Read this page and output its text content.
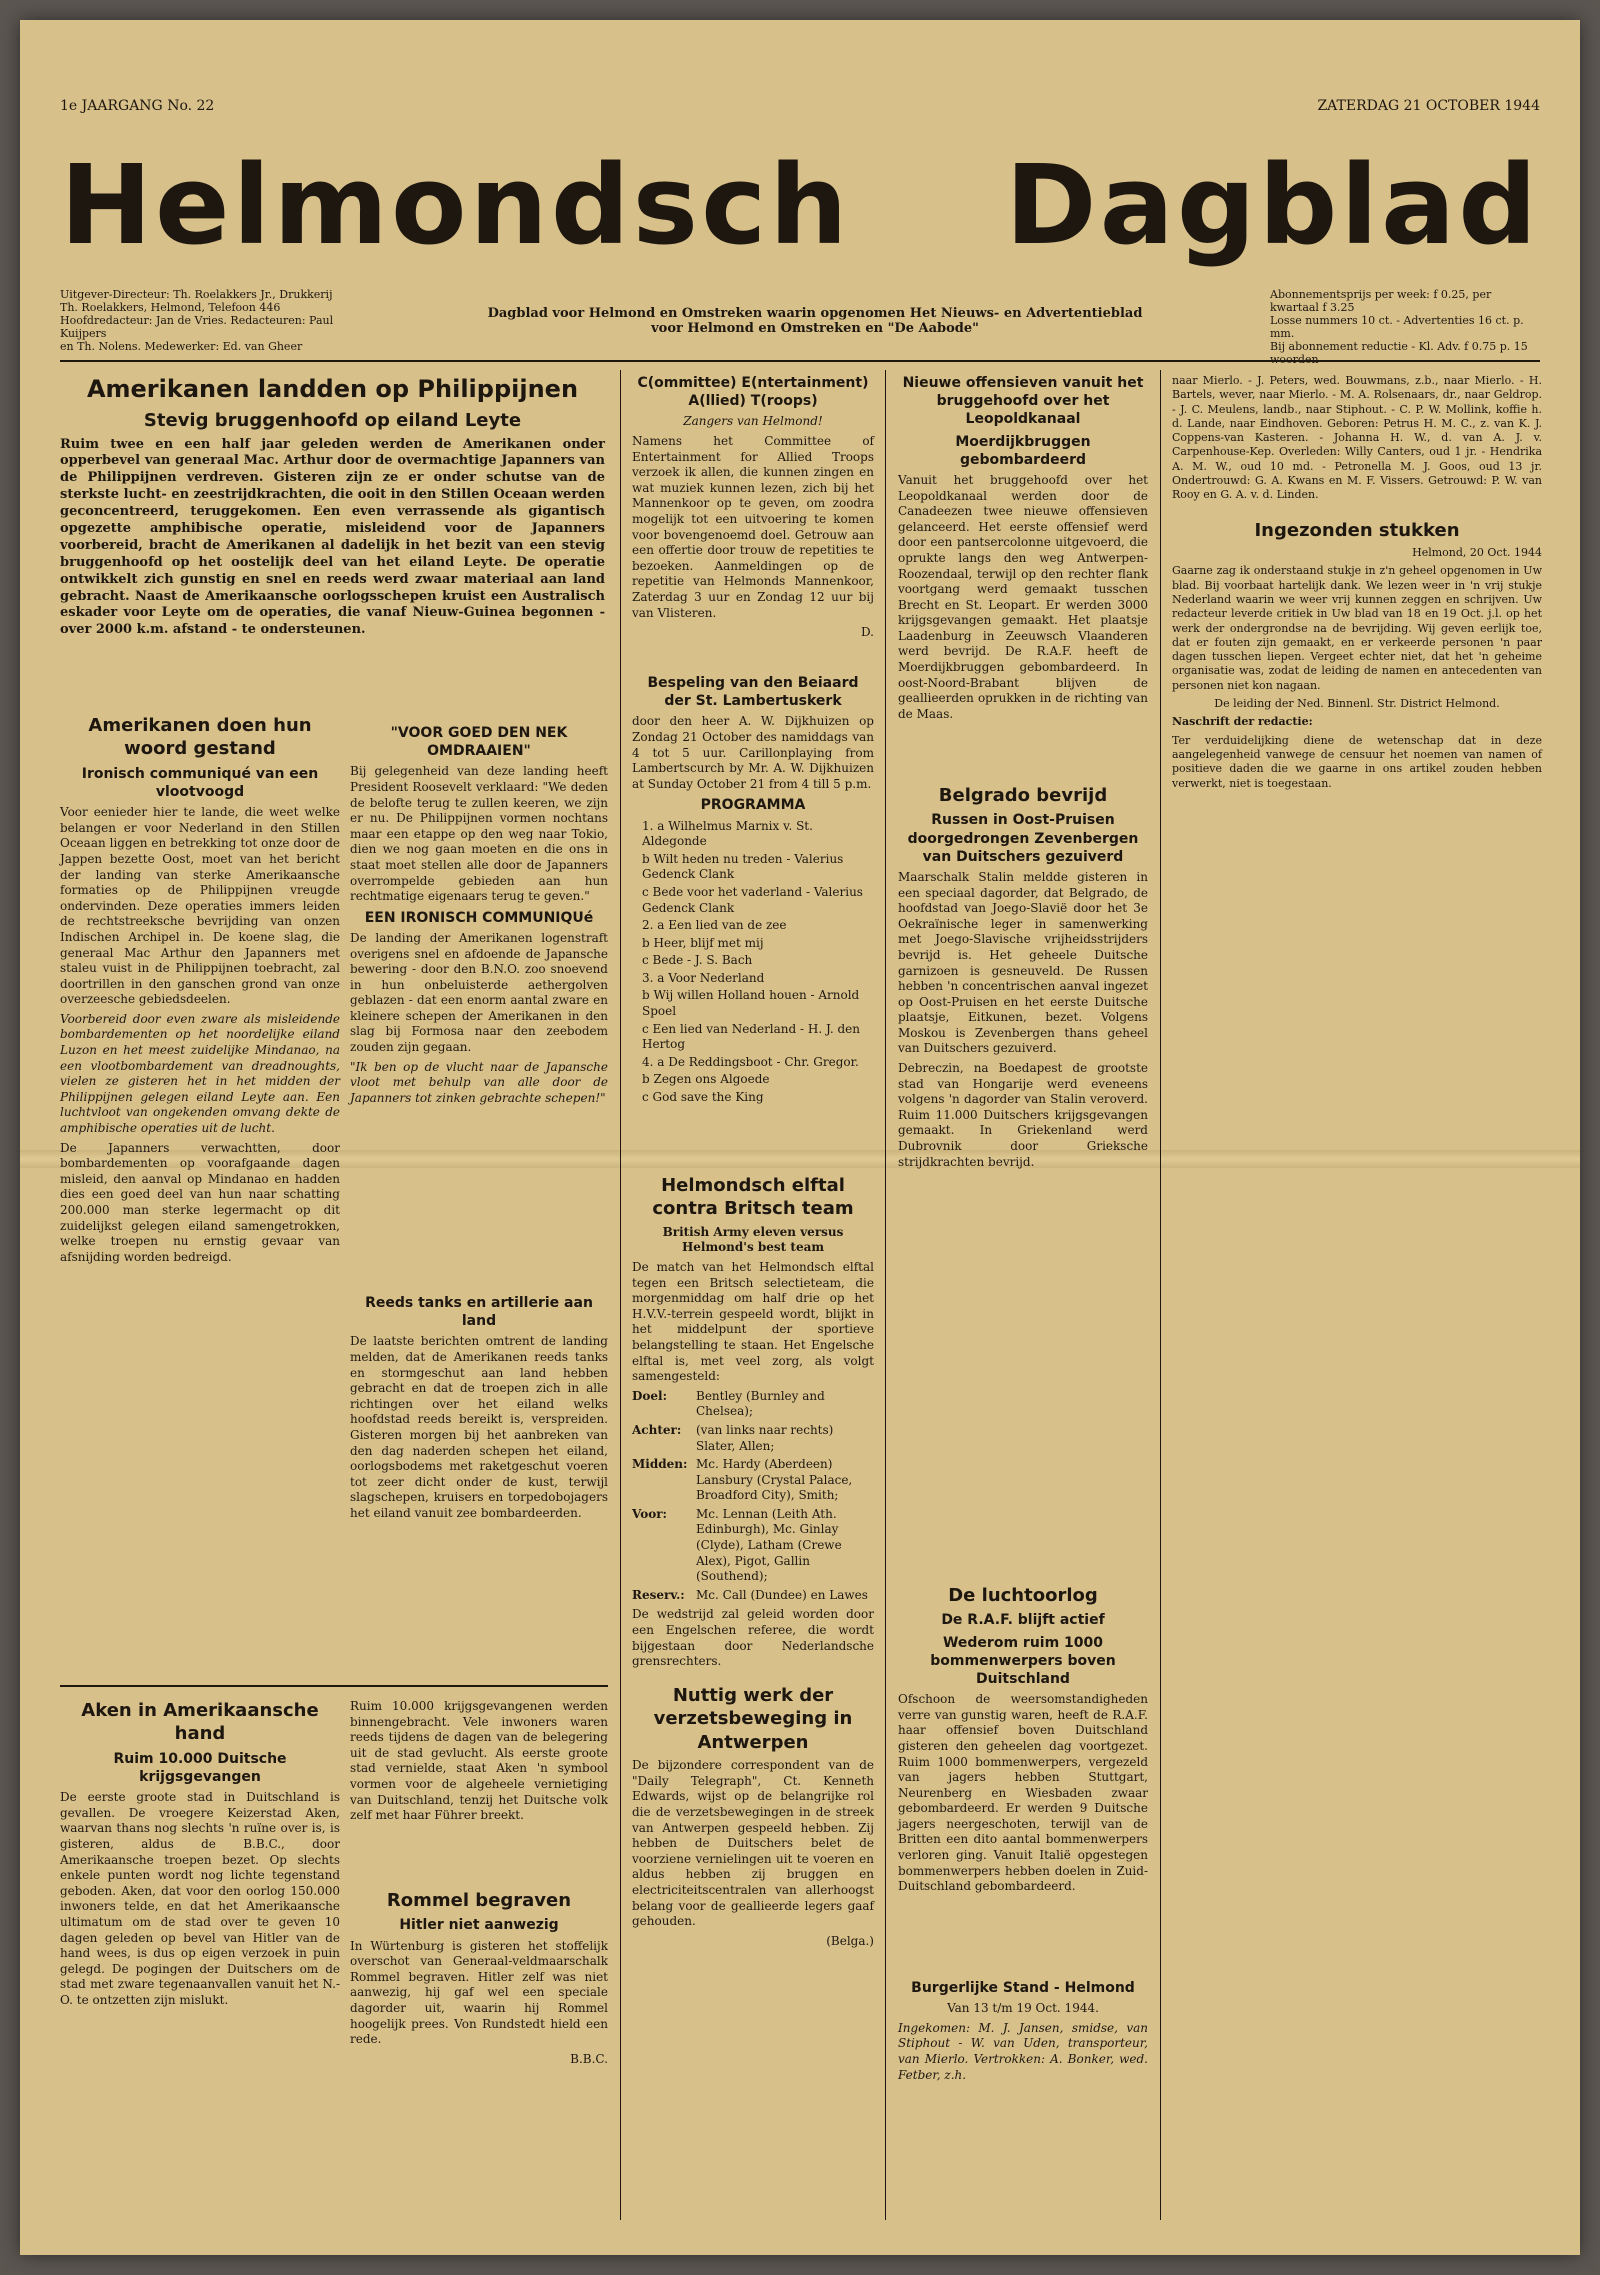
1e JAARGANG No. 22	ZATERDAG 21 OCTOBER 1944
Helmondsch Dagblad
Uitgever-Directeur: Th. Roelakkers Jr., Drukkerij
Th. Roelakkers, Helmond, Telefoon 446
Hoofdredacteur: Jan de Vries. Redacteuren: Paul Kuijpers
en Th. Nolens. Medewerker: Ed. van Gheer
Dagblad voor Helmond en Omstreken waarin opgenomen Het Nieuws- en Advertentieblad
voor Helmond en Omstreken en "De Aabode"
Abonnementsprijs per week: f 0.25, per kwartaal f 3.25
Losse nummers 10 ct. - Advertenties 16 ct. p. mm.
Bij abonnement reductie - Kl. Adv. f 0.75 p. 15
Amerikanen landden op Philippijnen
Stevig bruggenhoofd op eiland Leyte

Ruim twee en een half jaar geleden werden de Amerikanen onder opperbevel van generaal Mac. Arthur door de overmachtige Japanners van de Philippijnen verdreven. Gisteren zijn ze er onder schutse van de sterkste lucht- en zeestrijdkrachten, die ooit in den Stillen Oceaan werden geconcentreerd, teruggekomen. Een even verrassende als gigantisch opgezette amphibische operatie, misleidend voor de Japanners voorbereid, bracht de Amerikanen al dadelijk in het bezit van een stevig bruggenhoofd op het oostelijk deel van het eiland Leyte. De operatie ontwikkelt zich gunstig en snel en reeds werd zwaar materiaal aan land gebracht. Naast de Amerikaansche oorlogsschepen kruist een Australisch eskader voor Leyte om de operaties, die vanaf Nieuw-Guinea begonnen - over 2000 k.m. afstand - te ondersteunen.

Amerikanen doen hun woord gestand
Ironisch communiqué van een vlootvoogd

Voor eenieder hier te lande, die weet welke belangen er voor Nederland in den Stillen Oceaan liggen en betrekking tot onze door de Jappen bezette Oost, moet van het bericht der landing van sterke Amerikaansche formaties op de Philippijnen vreugde ondervinden. Deze operaties immers leiden de rechtstreeksche bevrijding van onzen Indischen Archipel in. De koene slag, die generaal Mac Arthur den Japanners met staleu vuist in de Philippijnen toebracht, zal doortrillen in den ganschen grond van onze overzeesche gebiedsdeelen.

Voorbereid door even zware als misleidende bombardementen op het noordelijke eiland Luzon en het meest zuidelijke Mindanao, na een vlootbombardement van dreadnoughts, vielen ze gisteren het in het midden der Philippijnen gelegen eiland Leyte aan. Een luchtvloot van ongekenden omvang dekte de amphibische operaties uit de lucht.

De Japanners verwachtten, door bombardementen op voorafgaande dagen misleid, den aanval op Mindanao en hadden dies een goed deel van hun naar schatting 200.000 man sterke legermacht op dit zuidelijkst gelegen eiland samengetrokken, welke troepen nu ernstig gevaar van afsnijding worden bedreigd.

"VOOR GOED DEN NEK OMDRAAIEN"

Bij gelegenheid van deze landing heeft President Roosevelt verklaard: "We deden de belofte terug te zullen keeren, we zijn er nu. De Philippijnen vormen nochtans maar een etappe op den weg naar Tokio, dien we nog gaan moeten en die ons in staat moet stellen alle door de Japanners overrompelde gebieden aan hun rechtmatige eigenaars terug te geven."

EEN IRONISCH COMMUNIQUé

De landing der Amerikanen logenstraft overigens snel en afdoende de Japansche bewering - door den B.N.O. zoo snoevend in hun onbeluisterde aethergolven geblazen - dat een enorm aantal zware en kleinere schepen der Amerikanen in den slag bij Formosa naar den zeebodem zouden zijn gegaan.

"Ik ben op de vlucht naar de Japansche vloot met behulp van alle door de Japanners tot zinken gebrachte schepen!"

Reeds tanks en artillerie aan land

De laatste berichten omtrent de landing melden, dat de Amerikanen reeds tanks en stormgeschut aan land hebben gebracht en dat de troepen zich in alle richtingen over het eiland welks hoofdstad reeds bereikt is, verspreiden. Gisteren morgen bij het aanbreken van den dag naderden schepen het eiland, oorlogsbodems met raketgeschut voeren tot zeer dicht onder de kust, terwijl slagschepen, kruisers en torpedobojagers het eiland vanuit zee bombardeerden.

Aken in Amerikaansche hand
Ruim 10.000 Duitsche krijgsgevangen

De eerste groote stad in Duitschland is gevallen. De vroegere Keizerstad Aken, waarvan thans nog slechts 'n ruïne over is, is gisteren, aldus de B.B.C., door Amerikaansche troepen bezet. Op slechts enkele punten wordt nog lichte tegenstand geboden. Aken, dat voor den oorlog 150.000 inwoners telde, en dat het Amerikaansche ultimatum om de stad over te geven 10 dagen geleden op bevel van Hitler van de hand wees, is dus op eigen verzoek in puin gelegd. De pogingen der Duitschers om de stad met zware tegenaanvallen vanuit het N.-O. te ontzetten zijn mislukt.

Ruim 10.000 krijgsgevangenen werden binnengebracht. Vele inwoners waren reeds tijdens de dagen van de belegering uit de stad gevlucht. Als eerste groote stad vernielde, staat Aken 'n symbool vormen voor de algeheele vernietiging van Duitschland, tenzij het Duitsche volk zelf met haar Führer breekt.

Rommel begraven
Hitler niet aanwezig

In Würtenburg is gisteren het stoffelijk overschot van Generaal-veldmaarschalk Rommel begraven. Hitler zelf was niet aanwezig, hij gaf wel een speciale dagorder uit, waarin hij Rommel hoogelijk prees. Von Rundstedt hield een rede.

B.B.C.
C(ommittee) E(ntertainment) A(llied) T(roops)

Zangers van Helmond!

Namens het Committee of Entertainment for Allied Troops verzoek ik allen, die kunnen zingen en wat muziek kunnen lezen, zich bij het Mannenkoor op te geven, om zoodra mogelijk tot een uitvoering te komen voor bovengenoemd doel. Getrouw aan een offertie door trouw de repetities te bezoeken. Aanmeldingen op de repetitie van Helmonds Mannenkoor, Zaterdag 3 uur en Zondag 12 uur bij van Vlisteren.

D.
Bespeling van den Beiaard der St. Lambertuskerk

door den heer A. W. Dijkhuizen op Zondag 21 October des namiddags van 4 tot 5 uur. Carillonplaying from Lambertscurch by Mr. A. W. Dijkhuizen at Sunday October 21 from 4 till 5 p.m.

PROGRAMMA
1. a Wilhelmus Marnix v. St. Aldegonde
b Wilt heden nu treden - Valerius Gedenck Clank
c Bede voor het vaderland - Valerius Gedenck Clank
2. a Een lied van de zee
b Heer, blijf met mij
c Bede - J. S. Bach
3. a Voor Nederland
b Wij willen Holland houen - Arnold Spoel
c Een lied van Nederland - H. J. den Hertog
4. a De Reddingsboot - Chr. Gregor.
b Zegen ons Algoede
c God save the King
Helmondsch elftal contra Britsch team

British Army eleven versus Helmond's best team

De match van het Helmondsch elftal tegen een Britsch selectieteam, die morgenmiddag om half drie op het H.V.V.-terrein gespeeld wordt, blijkt in het middelpunt der sportieve belangstelling te staan. Het Engelsche elftal is, met veel zorg, als volgt samengesteld:

Doel:	Bentley (Burnley and Chelsea);
Achter:	(van links naar rechts) Slater, Allen;
Midden: Mc. Hardy (Aberdeen) Lansbury (Crystal Palace, Broadford City), Smith;
Voor:	Mc. Lennan (Leith Ath. Edinburgh), Mc. Ginlay (Clyde), Latham (Crewe Alex), Pigot, Gallin (Southend);
Reserv.: Mc. Call (Dundee) en Lawes

De wedstrijd zal geleid worden door een Engelschen referee, die wordt bijgestaan door Nederlandsche grensrechters.

Nuttig werk der verzetsbeweging in Antwerpen

De bijzondere correspondent van de "Daily Telegraph", Ct. Kenneth Edwards, wijst op de belangrijke rol die de verzetsbewegingen in de streek van Antwerpen gespeeld hebben. Zij hebben de Duitschers belet de voorziene vernielingen uit te voeren en aldus hebben zij bruggen en electriciteitscentralen van allerhoogst belang voor de geallieerde legers gaaf gehouden.

(Belga.)
Nieuwe offensieven vanuit het bruggehoofd over het Leopoldkanaal
Moerdijkbruggen gebombardeerd

Vanuit het bruggehoofd over het Leopoldkanaal werden door de Canadeezen twee nieuwe offensieven gelanceerd. Het eerste offensief werd door een pantsercolonne uitgevoerd, die oprukte langs den weg Antwerpen-Roozendaal, terwijl op den rechter flank voortgang werd gemaakt tusschen Brecht en St. Leopart. Er werden 3000 krijgsgevangen gemaakt. Het plaatsje Laadenburg in Zeeuwsch Vlaanderen werd bevrijd. De R.A.F. heeft de Moerdijkbruggen gebombardeerd. In oost-Noord-Brabant blijven de geallieerden oprukken in de richting van de Maas.

Belgrado bevrijd
Russen in Oost-Pruisen doorgedrongen Zevenbergen van Duitschers gezuiverd

Maarschalk Stalin meldde gisteren in een speciaal dagorder, dat Belgrado, de hoofdstad van Joego-Slavië door het 3e Oekraïnische leger in samenwerking met Joego-Slavische vrijheidsstrijders bevrijd is. Het geheele Duitsche garnizoen is gesneuveld. De Russen hebben 'n concentrischen aanval ingezet op Oost-Pruisen en het eerste Duitsche plaatsje, Eitkunen, bezet. Volgens Moskou is Zevenbergen thans geheel van Duitschers gezuiverd.

Debreczin, na Boedapest de grootste stad van Hongarije werd eveneens volgens 'n dagorder van Stalin veroverd. Ruim 11.000 Duitschers krijgsgevangen gemaakt. In Griekenland werd Dubrovnik door Grieksche strijdkrachten bevrijd.

De luchtoorlog
De R.A.F. blijft actief
Wederom ruim 1000 bommenwerpers boven Duitschland

Ofschoon de weersomstandigheden verre van gunstig waren, heeft de R.A.F. haar offensief boven Duitschland gisteren den geheelen dag voortgezet. Ruim 1000 bommenwerpers, vergezeld van jagers hebben Stuttgart, Neurenberg en Wiesbaden zwaar gebombardeerd. Er werden 9 Duitsche jagers neergeschoten, terwijl van de Britten een dito aantal bommenwerpers verloren ging. Vanuit Italië opgestegen bommenwerpers hebben doelen in Zuid-Duitschland gebombardeerd.

Burgerlijke Stand - Helmond

Van 13 t/m 19 Oct. 1944.

Ingekomen: M. J. Jansen, smidse, van Stiphout - W. van Uden, transporteur, van Mierlo. Vertrokken: A. Bonker, wed. Fetber, z.h.

naar Mierlo. - J. Peters, wed. Bouwmans, z.b., naar Mierlo. - H. Bartels, wever, naar Mierlo. - M. A. Rolsenaars, dr., naar Geldrop. - J. C. Meulens, landb., naar Stiphout. - C. P. W. Mollink, koffie h. d. Lande, naar Eindhoven. Geboren: Petrus H. M. C., z. van K. J. Coppens-van Kasteren. - Johanna H. W., d. van A. J. v. Carpenhouse-Kep. Overleden: Willy Canters, oud 1 jr. - Hendrika A. M. W., oud 10 md. - Petronella M. J. Goos, oud 13 jr. Ondertrouwd: G. A. Kwans en M. F. Vissers. Getrouwd: P. W. van Rooy en G. A. v. d. Linden.

Ingezonden stukken

Helmond, 20 Oct. 1944

Gaarne zag ik onderstaand stukje in z'n geheel opgenomen in Uw blad. Bij voorbaat hartelijk dank. We lezen weer in 'n vrij stukje Nederland waarin we weer vrij kunnen zeggen en schrijven. Uw redacteur leverde critiek in Uw blad van 18 en 19 Oct. j.l. op het werk der ondergrondse na de bevrijding. Wij geven eerlijk toe, dat er fouten zijn gemaakt, en er verkeerde personen 'n paar dagen tusschen liepen. Vergeet echter niet, dat het 'n geheime organisatie was, zodat de leiding de namen en antecedenten van personen niet kon nagaan.

De leiding der Ned. Binnenl. Str. District Helmond.

Naschrift der redactie:

Ter verduidelijking diene de wetenschap dat in deze aangelegenheid vanwege de censuur het noemen van namen of positieve daden die we gaarne in ons artikel zouden hebben verwerkt, niet is toegestaan.
